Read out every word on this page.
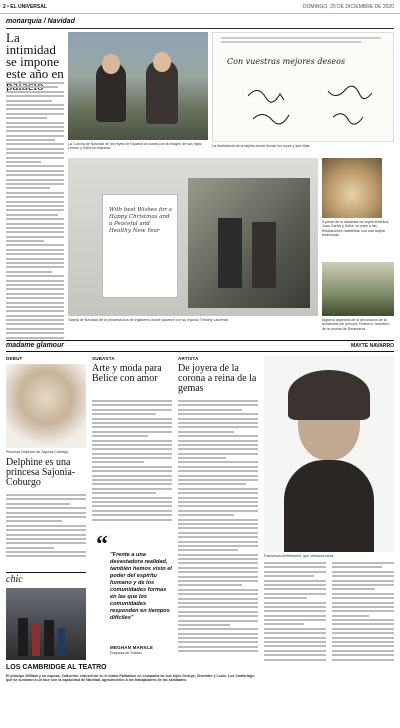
2 • EL UNIVERSAL	DOMINGO, 20 DE DICIEMBRE DE 2020
monarquía / Navidad
La intimidad se impone este año en
La Corona de Navidad de los reyes de España se ilustra con la imagen de sus hijas Leonor y Sofía en Asturias.
Con vuestras mejores deseos
La dedicatoria de la tarjeta donde firman los reyes y sus hijas.
With best Wishes for a Happy Christmas and a Peaceful and Healthy New Year
Tarjeta de Navidad de la princesa Ana de Inglaterra donde aparece con su esposo Timothy Laurence.
A pesar de la distancia los reyes eméritos, Juan Carlos y Sofía, se unen a las felicitaciones navideñas con una tarjeta tradicional.
Algunos aspectos de la decoración de la residencia del príncipe Federico, heredero de la corona de Dinamarca.
madame glamour	MAYTE NAVARRO
DEBUT
Princesa Delphine de Sajonia-Coburgo.
Delphine es una princesa Sajonia-Coburgo
SUBASTA
Arte y moda para Belice con amor
“ "Frente a una devastadora realidad, también hemos visto el poder del espíritu humano y de los comunidades formas en las que los comunidades responden en tiempos difíciles"
MEGHAN MARKLE
Duquesa de Sussex
ARTISTA
De joyera de la corona a reina de la gemas
Francesca Amfitheatrof, que creadora reina.
chic
LOS CAMBRIDGE AL TEATRO
El príncipe William y su esposa, Catherine, estuvieron en el teatro Palladium en compañía de sus hijos George, Charlotte y Louis. Los Cambridge, que se sumaron a un tour con la capacidad de Navidad, agradecieron a los trabajadores de las sanidades.
